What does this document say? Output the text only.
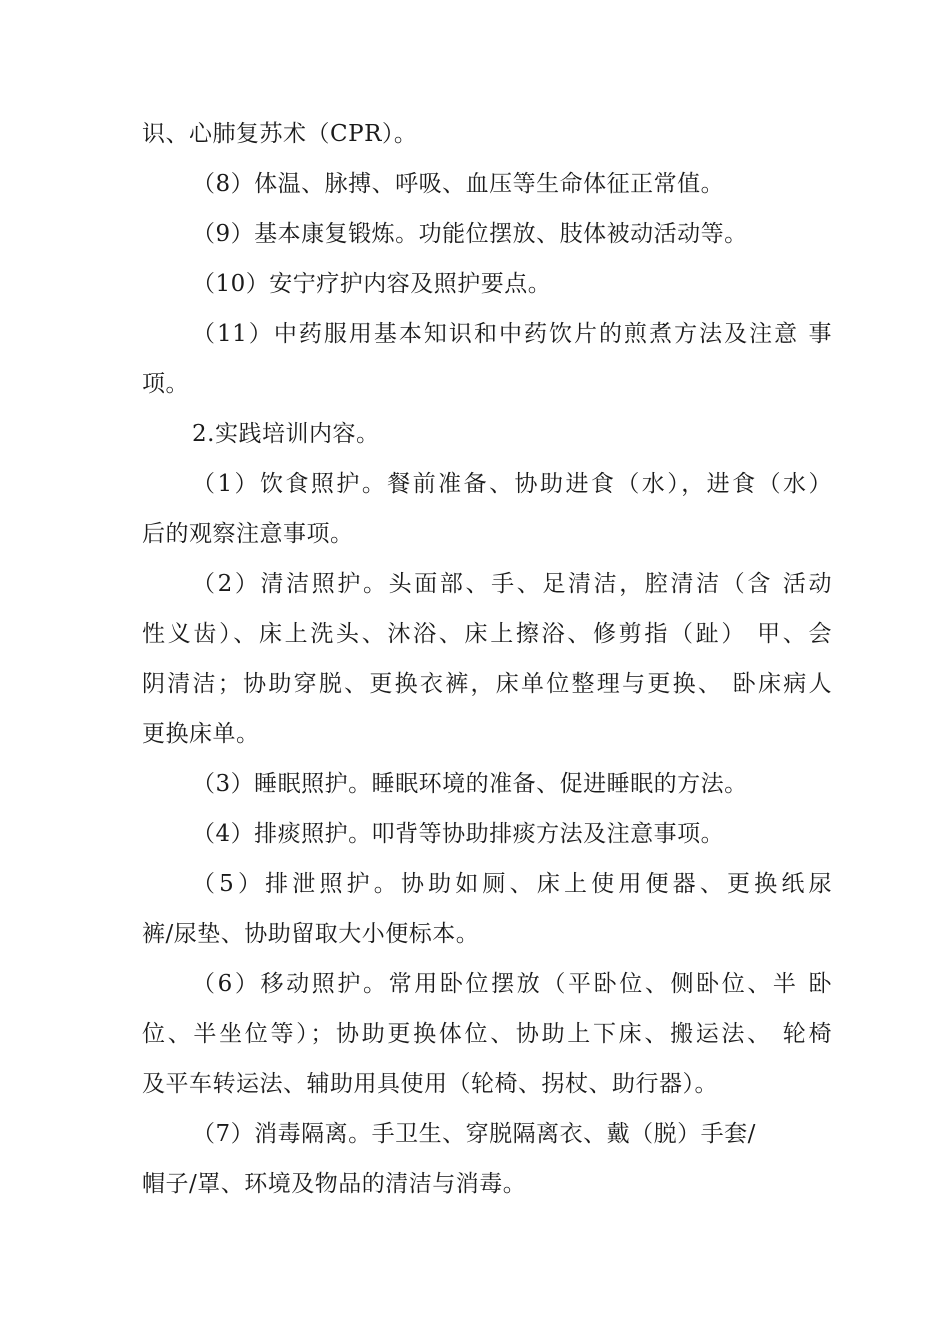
识、心肺复苏术（CPR）。
（8）体温、脉搏、呼吸、血压等生命体征正常值。
（9）基本康复锻炼。功能位摆放、肢体被动活动等。
（10）安宁疗护内容及照护要点。
（11）中药服用基本知识和中药饮片的煎煮方法及注意 事
项。
2.实践培训内容。
（1）饮食照护。餐前准备、协助进食（水），进食（水）
后的观察注意事项。
（2）清洁照护。头面部、手、足清洁，腔清洁（含 活动
性义齿）、床上洗头、沐浴、床上擦浴、修剪指（趾） 甲、会
阴清洁；协助穿脱、更换衣裤，床单位整理与更换、 卧床病人
更换床单。
（3）睡眠照护。睡眠环境的准备、促进睡眠的方法。
（4）排痰照护。叩背等协助排痰方法及注意事项。
（5）排泄照护。协助如厕、床上使用便器、更换纸尿
裤/尿垫、协助留取大小便标本。
（6）移动照护。常用卧位摆放（平卧位、侧卧位、半 卧
位、半坐位等）；协助更换体位、协助上下床、搬运法、 轮椅
及平车转运法、辅助用具使用（轮椅、拐杖、助行器）。
（7）消毒隔离。手卫生、穿脱隔离衣、戴（脱）手套/
帽子/罩、环境及物品的清洁与消毒。
